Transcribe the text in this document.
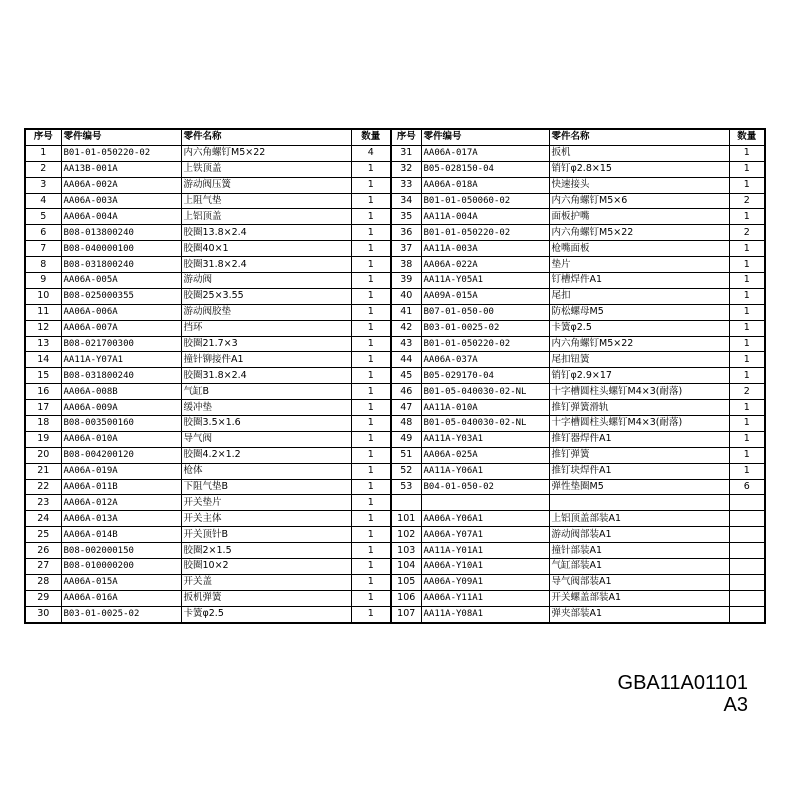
序号	零件编号	零件名称	数量	序号	零件编号	零件名称	数量
1	B01-01-050220-02	内六角螺钉M5×22	4	31	AA06A-017A	扳机	1
2	AA13B-001A	上铁顶盖	1	32	B05-028150-04	销钉φ2.8×15	1
3	AA06A-002A	游动阀压簧	1	33	AA06A-018A	快速接头	1
4	AA06A-003A	上阻气垫	1	34	B01-01-050060-02	内六角螺钉M5×6	2
5	AA06A-004A	上铝顶盖	1	35	AA11A-004A	面板护嘴	1
6	B08-013800240	胶圈13.8×2.4	1	36	B01-01-050220-02	内六角螺钉M5×22	2
7	B08-040000100	胶圈40×1	1	37	AA11A-003A	枪嘴面板	1
8	B08-031800240	胶圈31.8×2.4	1	38	AA06A-022A	垫片	1
9	AA06A-005A	游动阀	1	39	AA11A-Y05A1	钉槽焊件A1	1
10	B08-025000355	胶圈25×3.55	1	40	AA09A-015A	尾扣	1
11	AA06A-006A	游动阀胶垫	1	41	B07-01-050-00	防松螺母M5	1
12	AA06A-007A	挡环	1	42	B03-01-0025-02	卡簧φ2.5	1
13	B08-021700300	胶圈21.7×3	1	43	B01-01-050220-02	内六角螺钉M5×22	1
14	AA11A-Y07A1	撞针铆接件A1	1	44	AA06A-037A	尾扣钮簧	1
15	B08-031800240	胶圈31.8×2.4	1	45	B05-029170-04	销钉φ2.9×17	1
16	AA06A-008B	气缸B	1	46	B01-05-040030-02-NL	十字槽圆柱头螺钉M4×3(耐落)	2
17	AA06A-009A	缓冲垫	1	47	AA11A-010A	推钉弹簧滑轨	1
18	B08-003500160	胶圈3.5×1.6	1	48	B01-05-040030-02-NL	十字槽圆柱头螺钉M4×3(耐落)	1
19	AA06A-010A	导气阀	1	49	AA11A-Y03A1	推钉器焊件A1	1
20	B08-004200120	胶圈4.2×1.2	1	51	AA06A-025A	推钉弹簧	1
21	AA06A-019A	枪体	1	52	AA11A-Y06A1	推钉块焊件A1	1
22	AA06A-011B	下阻气垫B	1	53	B04-01-050-02	弹性垫圈M5	6
23	AA06A-012A	开关垫片	1				
24	AA06A-013A	开关主体	1	101	AA06A-Y06A1	上铝顶盖部装A1	
25	AA06A-014B	开关顶针B	1	102	AA06A-Y07A1	游动阀部装A1	
26	B08-002000150	胶圈2×1.5	1	103	AA11A-Y01A1	撞针部装A1	
27	B08-010000200	胶圈10×2	1	104	AA06A-Y10A1	气缸部装A1	
28	AA06A-015A	开关盖	1	105	AA06A-Y09A1	导气阀部装A1	
29	AA06A-016A	扳机弹簧	1	106	AA06A-Y11A1	开关螺盖部装A1	
30	B03-01-0025-02	卡簧φ2.5	1	107	AA11A-Y08A1	弹夹部装A1	
GBA11A01101
A3
